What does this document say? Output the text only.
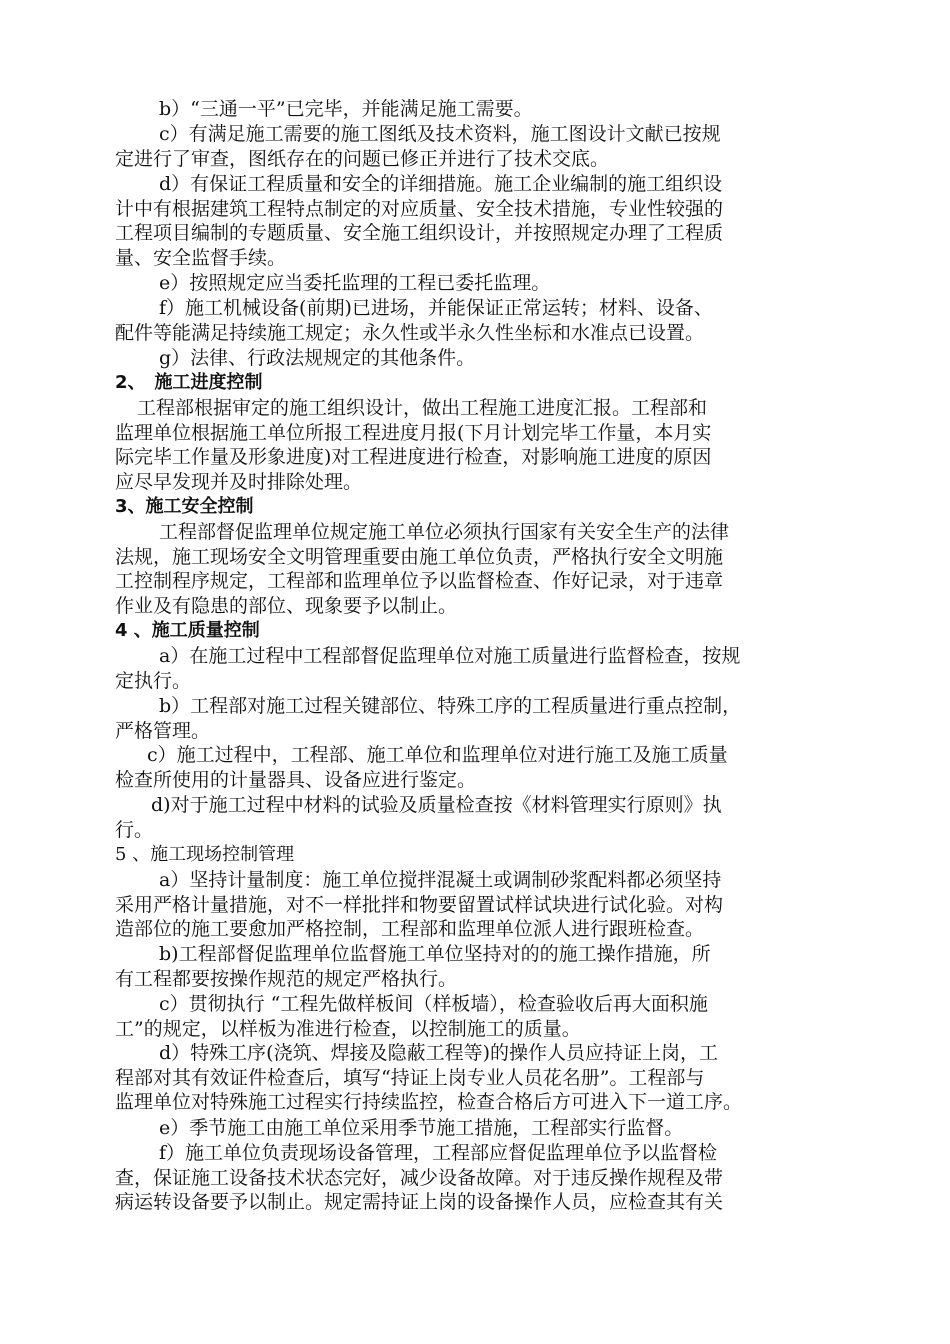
b）“三通一平”已完毕，并能满足施工需要。
c）有满足施工需要的施工图纸及技术资料，施工图设计文献已按规
定进行了审查，图纸存在的问题已修正并进行了技术交底。
d）有保证工程质量和安全的详细措施。施工企业编制的施工组织设
计中有根据建筑工程特点制定的对应质量、安全技术措施，专业性较强的
工程项目编制的专题质量、安全施工组织设计，并按照规定办理了工程质
量、安全监督手续。
e）按照规定应当委托监理的工程已委托监理。
f）施工机械设备(前期)已进场，并能保证正常运转；材料、设备、
配件等能满足持续施工规定；永久性或半永久性坐标和水准点已设置。
g）法律、行政法规规定的其他条件。
2、　施工进度控制
工程部根据审定的施工组织设计，做出工程施工进度汇报。工程部和
监理单位根据施工单位所报工程进度月报(下月计划完毕工作量，本月实
际完毕工作量及形象进度)对工程进度进行检查，对影响施工进度的原因
应尽早发现并及时排除处理。
3、施工安全控制
工程部督促监理单位规定施工单位必须执行国家有关安全生产的法律
法规，施工现场安全文明管理重要由施工单位负责，严格执行安全文明施
工控制程序规定，工程部和监理单位予以监督检查、作好记录，对于违章
作业及有隐患的部位、现象要予以制止。
4 、施工质量控制
a）在施工过程中工程部督促监理单位对施工质量进行监督检查，按规
定执行。
b）工程部对施工过程关键部位、特殊工序的工程质量进行重点控制，
严格管理。
c）施工过程中，工程部、施工单位和监理单位对进行施工及施工质量
检查所使用的计量器具、设备应进行鉴定。
d)对于施工过程中材料的试验及质量检查按《材料管理实行原则》执
行。
5 、施工现场控制管理
a）坚持计量制度：施工单位搅拌混凝土或调制砂浆配料都必须坚持
采用严格计量措施，对不一样批拌和物要留置试样试块进行试化验。对构
造部位的施工要愈加严格控制，工程部和监理单位派人进行跟班检查。
b)工程部督促监理单位监督施工单位坚持对的的施工操作措施，所
有工程都要按操作规范的规定严格执行。
c）贯彻执行 “工程先做样板间（样板墙），检查验收后再大面积施
工”的规定，以样板为准进行检查，以控制施工的质量。
d）特殊工序(浇筑、焊接及隐蔽工程等)的操作人员应持证上岗，工
程部对其有效证件检查后，填写“持证上岗专业人员花名册”。工程部与
监理单位对特殊施工过程实行持续监控，检查合格后方可进入下一道工序。
e）季节施工由施工单位采用季节施工措施，工程部实行监督。
f）施工单位负责现场设备管理，工程部应督促监理单位予以监督检
查，保证施工设备技术状态完好，减少设备故障。对于违反操作规程及带
病运转设备要予以制止。规定需持证上岗的设备操作人员，应检查其有关
